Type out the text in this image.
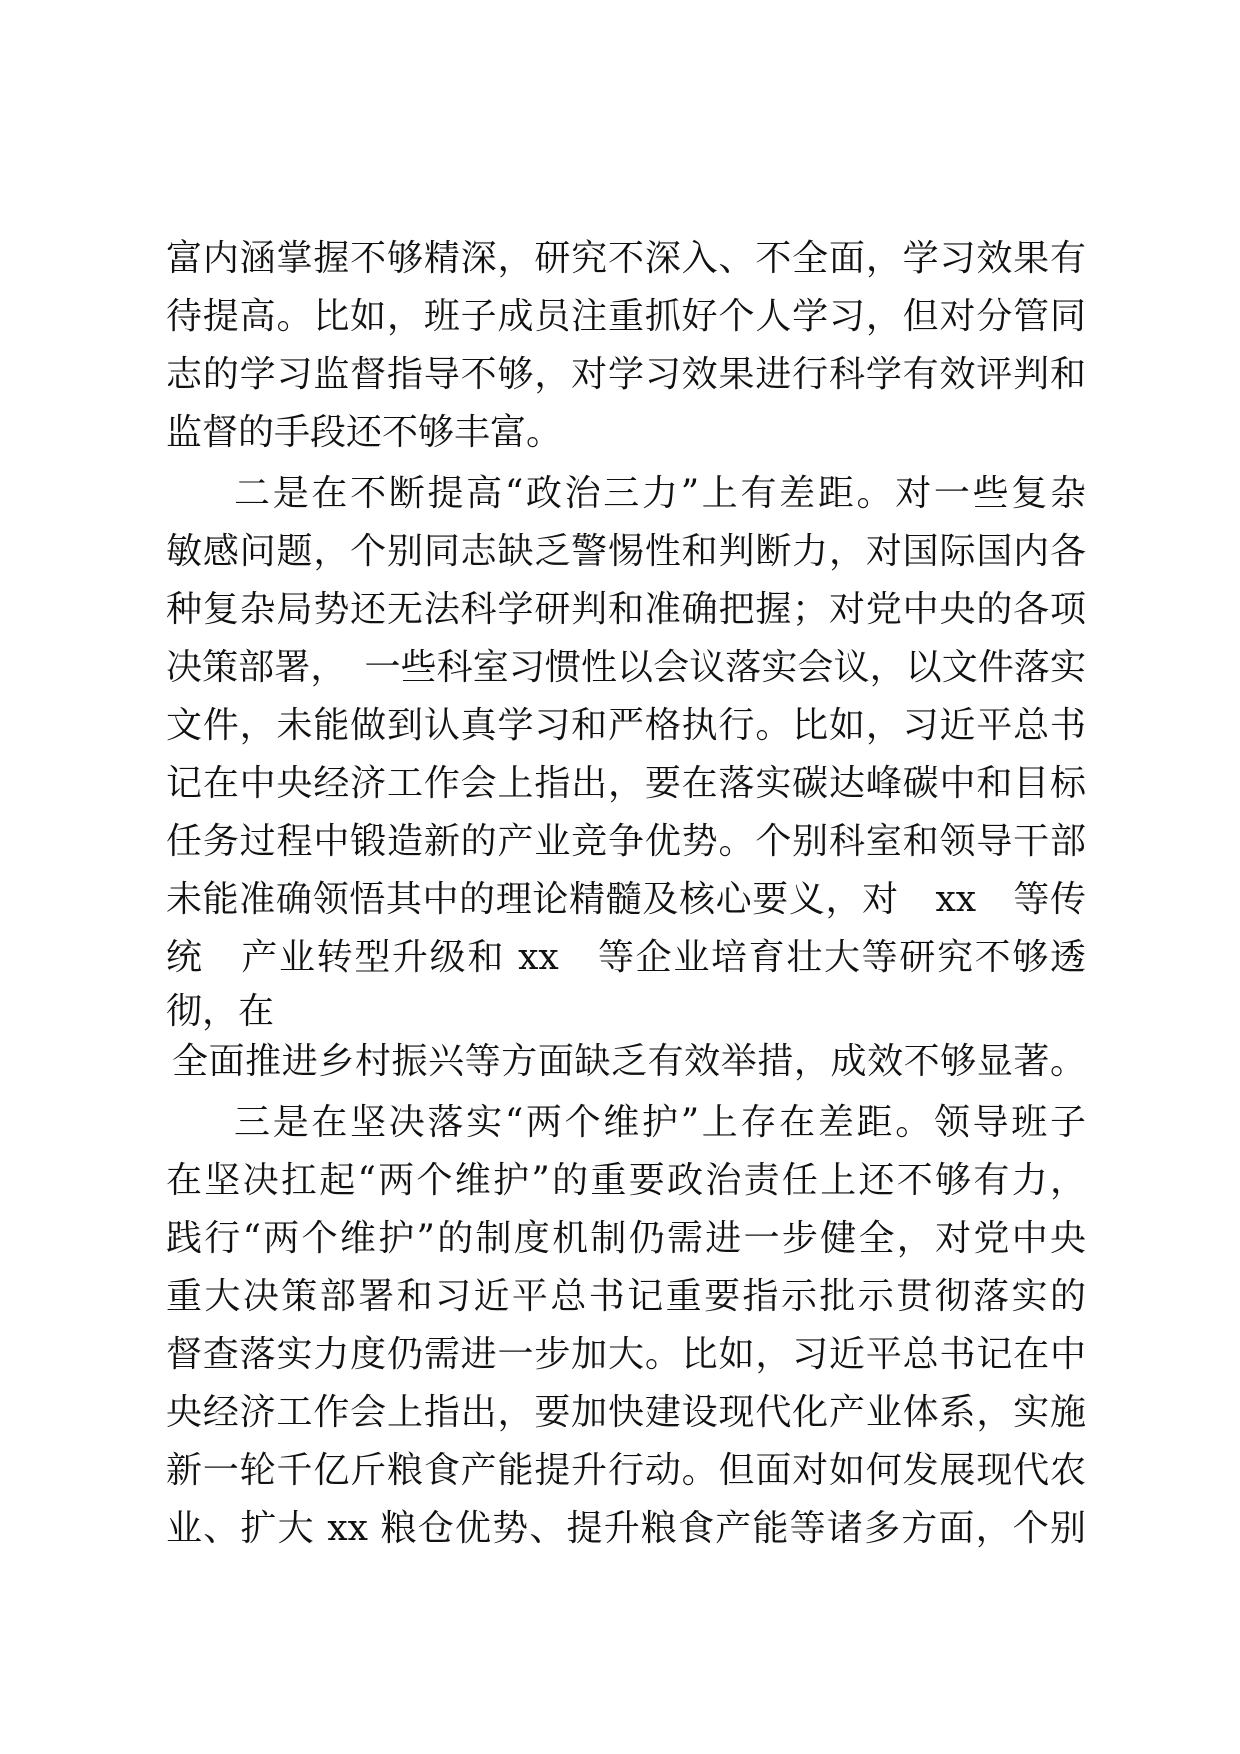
富内涵掌握不够精深，研究不深入、不全面，学习效果有
待提高。比如，班子成员注重抓好个人学习，但对分管同
志的学习监督指导不够，对学习效果进行科学有效评判和
监督的手段还不够丰富。
二是在不断提高“政治三力”上有差距。对一些复杂
敏感问题，个别同志缺乏警惕性和判断力，对国际国内各
种复杂局势还无法科学研判和准确把握；对党中央的各项
决策部署，　一些科室习惯性以会议落实会议，以文件落实
文件，未能做到认真学习和严格执行。比如，习近平总书
记在中央经济工作会上指出，要在落实碳达峰碳中和目标
任务过程中锻造新的产业竞争优势。个别科室和领导干部
未能准确领悟其中的理论精髓及核心要义，对　xx　等传
统　产业转型升级和 xx　等企业培育壮大等研究不够透
彻，在
全面推进乡村振兴等方面缺乏有效举措，成效不够显著。
三是在坚决落实“两个维护”上存在差距。领导班子
在坚决扛起“两个维护”的重要政治责任上还不够有力，
践行“两个维护”的制度机制仍需进一步健全，对党中央
重大决策部署和习近平总书记重要指示批示贯彻落实的
督查落实力度仍需进一步加大。比如，习近平总书记在中
央经济工作会上指出，要加快建设现代化产业体系，实施
新一轮千亿斤粮食产能提升行动。但面对如何发展现代农
业、扩大 xx 粮仓优势、提升粮食产能等诸多方面，个别
